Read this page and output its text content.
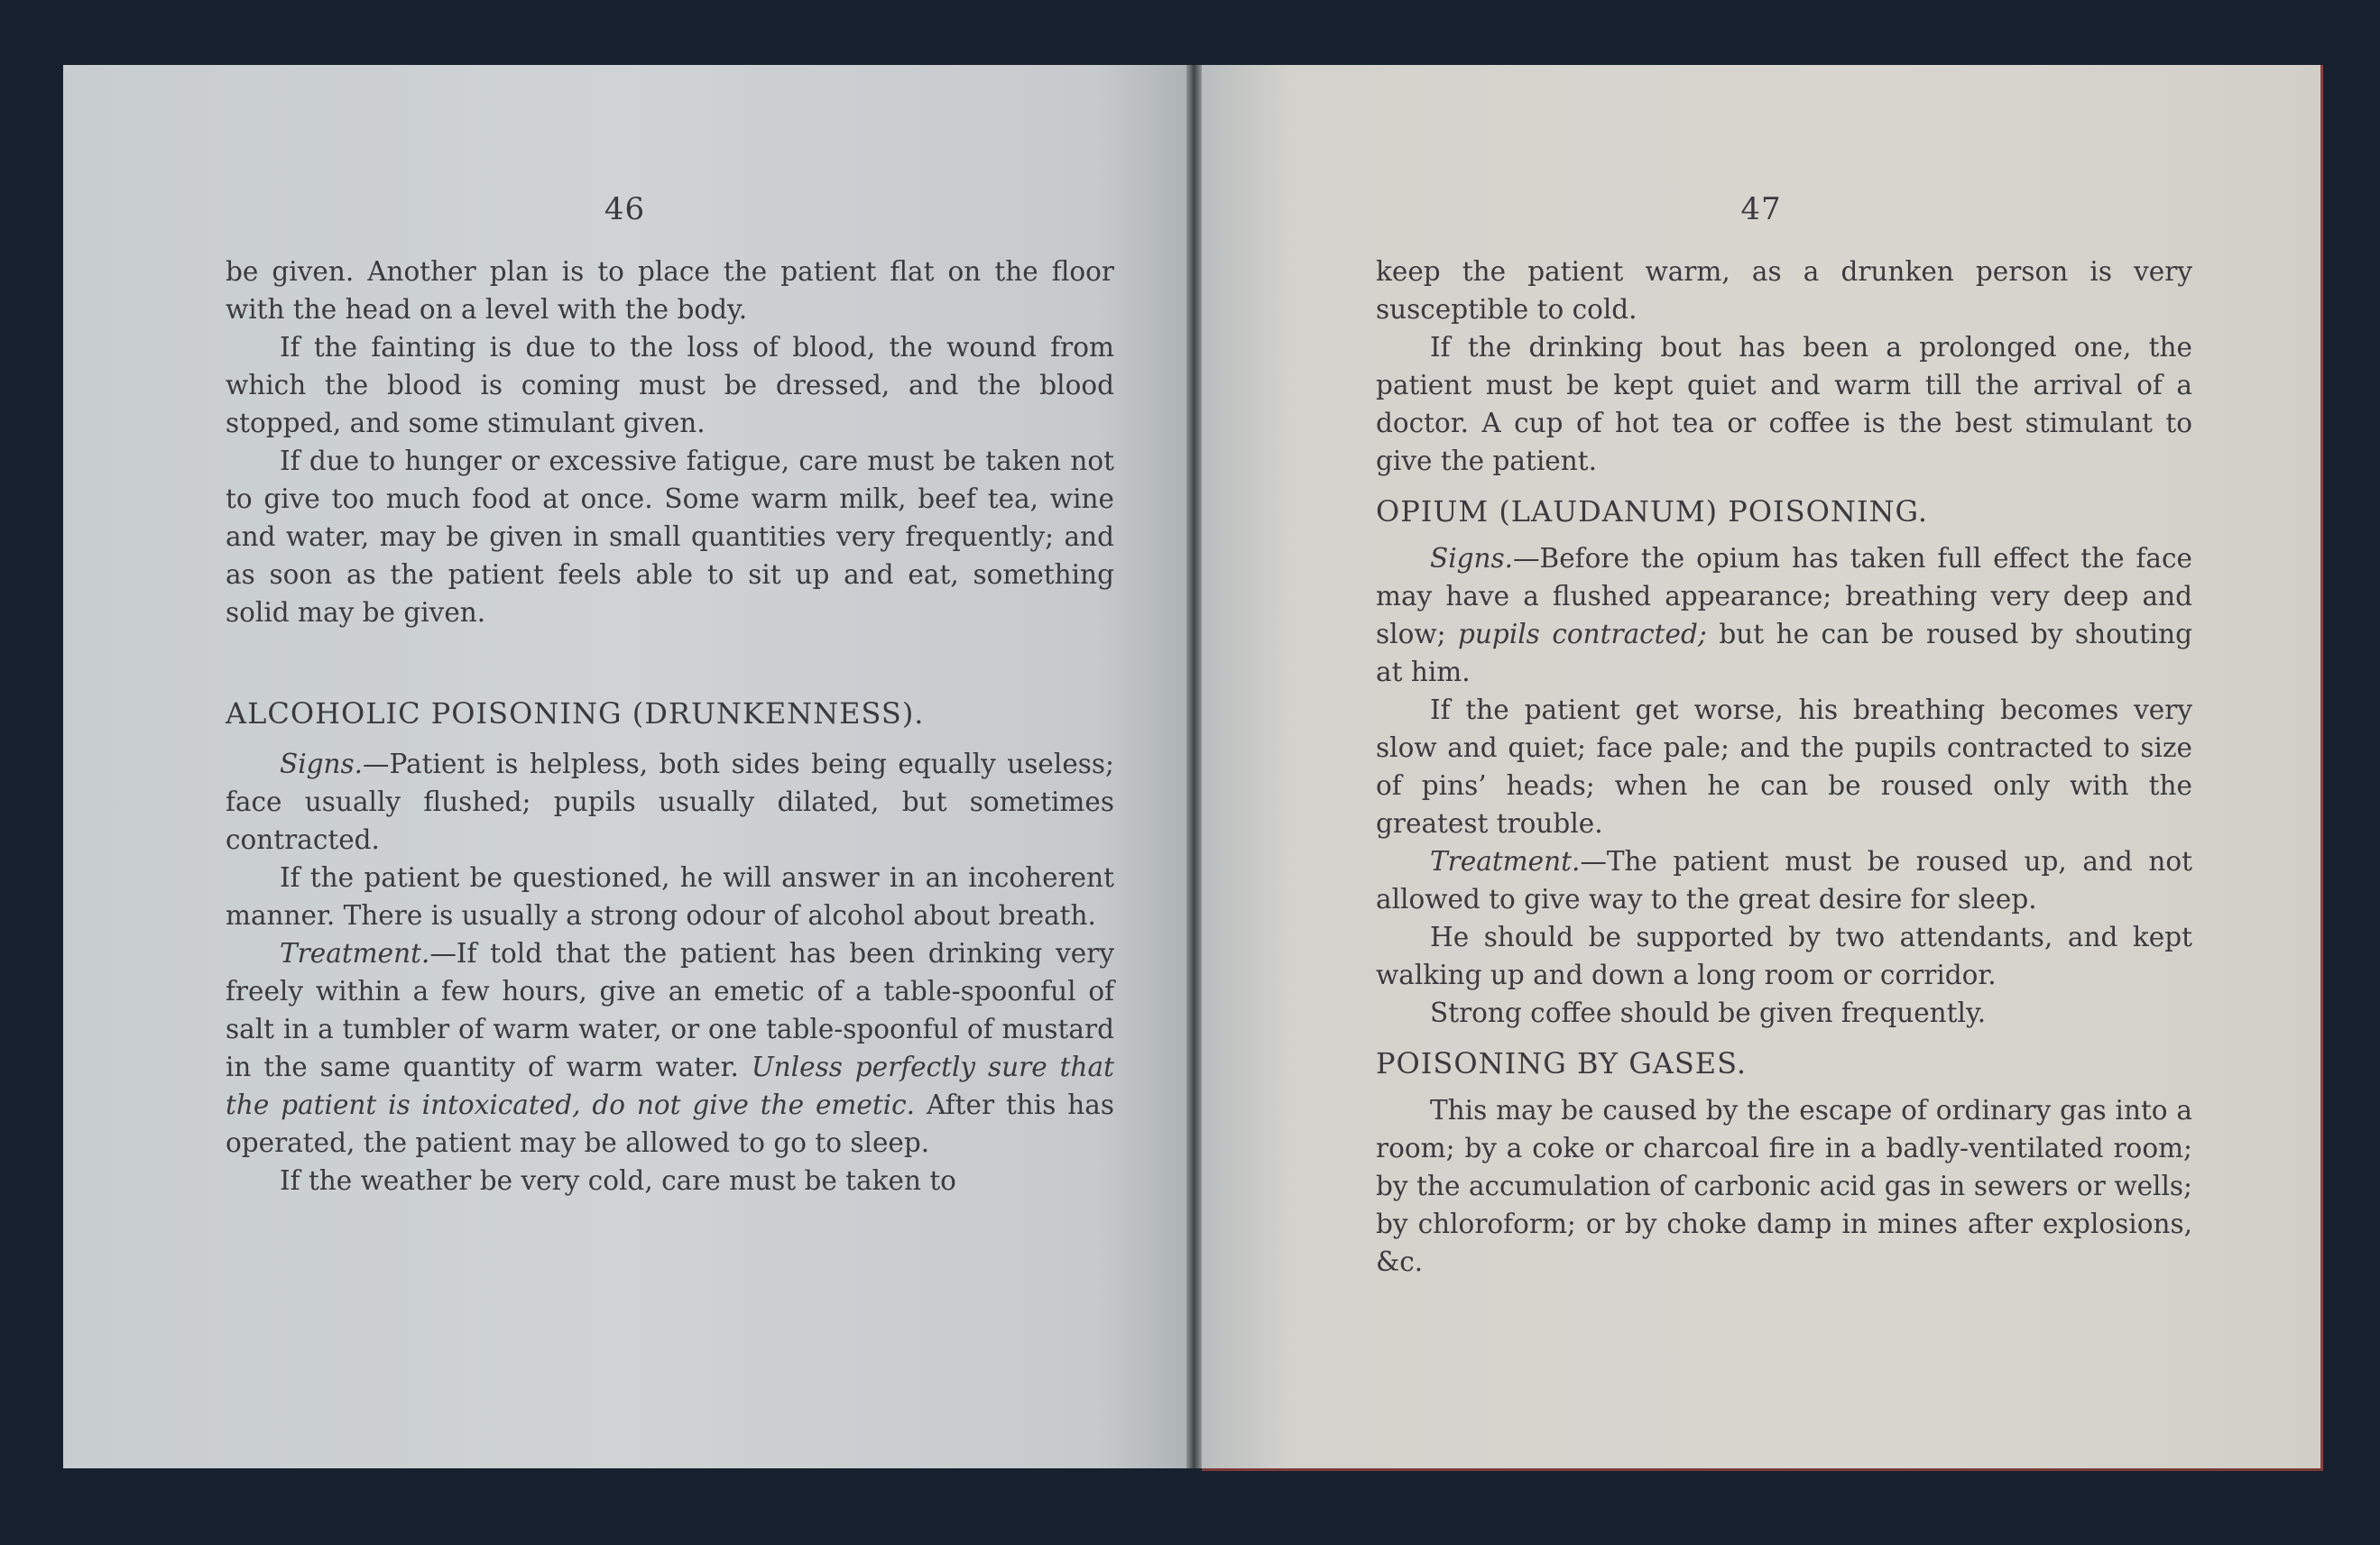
46

be given. Another plan is to place the patient flat on the floor with the head on a level with the body.

If the fainting is due to the loss of blood, the wound from which the blood is coming must be dressed, and the blood stopped, and some stimulant given.

If due to hunger or excessive fatigue, care must be taken not to give too much food at once. Some warm milk, beef tea, wine and water, may be given in small quantities very frequently; and as soon as the patient feels able to sit up and eat, something solid may be given.

ALCOHOLIC POISONING (DRUNKENNESS).

Signs.—Patient is helpless, both sides being equally useless; face usually flushed; pupils usually dilated, but sometimes contracted.

If the patient be questioned, he will answer in an incoherent manner. There is usually a strong odour of alcohol about breath.

Treatment.—If told that the patient has been drinking very freely within a few hours, give an emetic of a table-spoonful of salt in a tumbler of warm water, or one table-spoonful of mustard in the same quantity of warm water. Unless perfectly sure that the patient is intoxicated, do not give the emetic. After this has operated, the patient may be allowed to go to sleep.

If the weather be very cold, care must be taken to

47

keep the patient warm, as a drunken person is very susceptible to cold.

If the drinking bout has been a prolonged one, the patient must be kept quiet and warm till the arrival of a doctor. A cup of hot tea or coffee is the best stimulant to give the patient.

OPIUM (LAUDANUM) POISONING.

Signs.—Before the opium has taken full effect the face may have a flushed appearance; breathing very deep and slow; pupils contracted; but he can be roused by shouting at him.

If the patient get worse, his breathing becomes very slow and quiet; face pale; and the pupils contracted to size of pins’ heads; when he can be roused only with the greatest trouble.

Treatment.—The patient must be roused up, and not allowed to give way to the great desire for sleep.

He should be supported by two attendants, and kept walking up and down a long room or corridor.

Strong coffee should be given frequently.

POISONING BY GASES.

This may be caused by the escape of ordinary gas into a room; by a coke or charcoal fire in a badly-ventilated room; by the accumulation of carbonic acid gas in sewers or wells; by chloroform; or by choke damp in mines after explosions, &c.
